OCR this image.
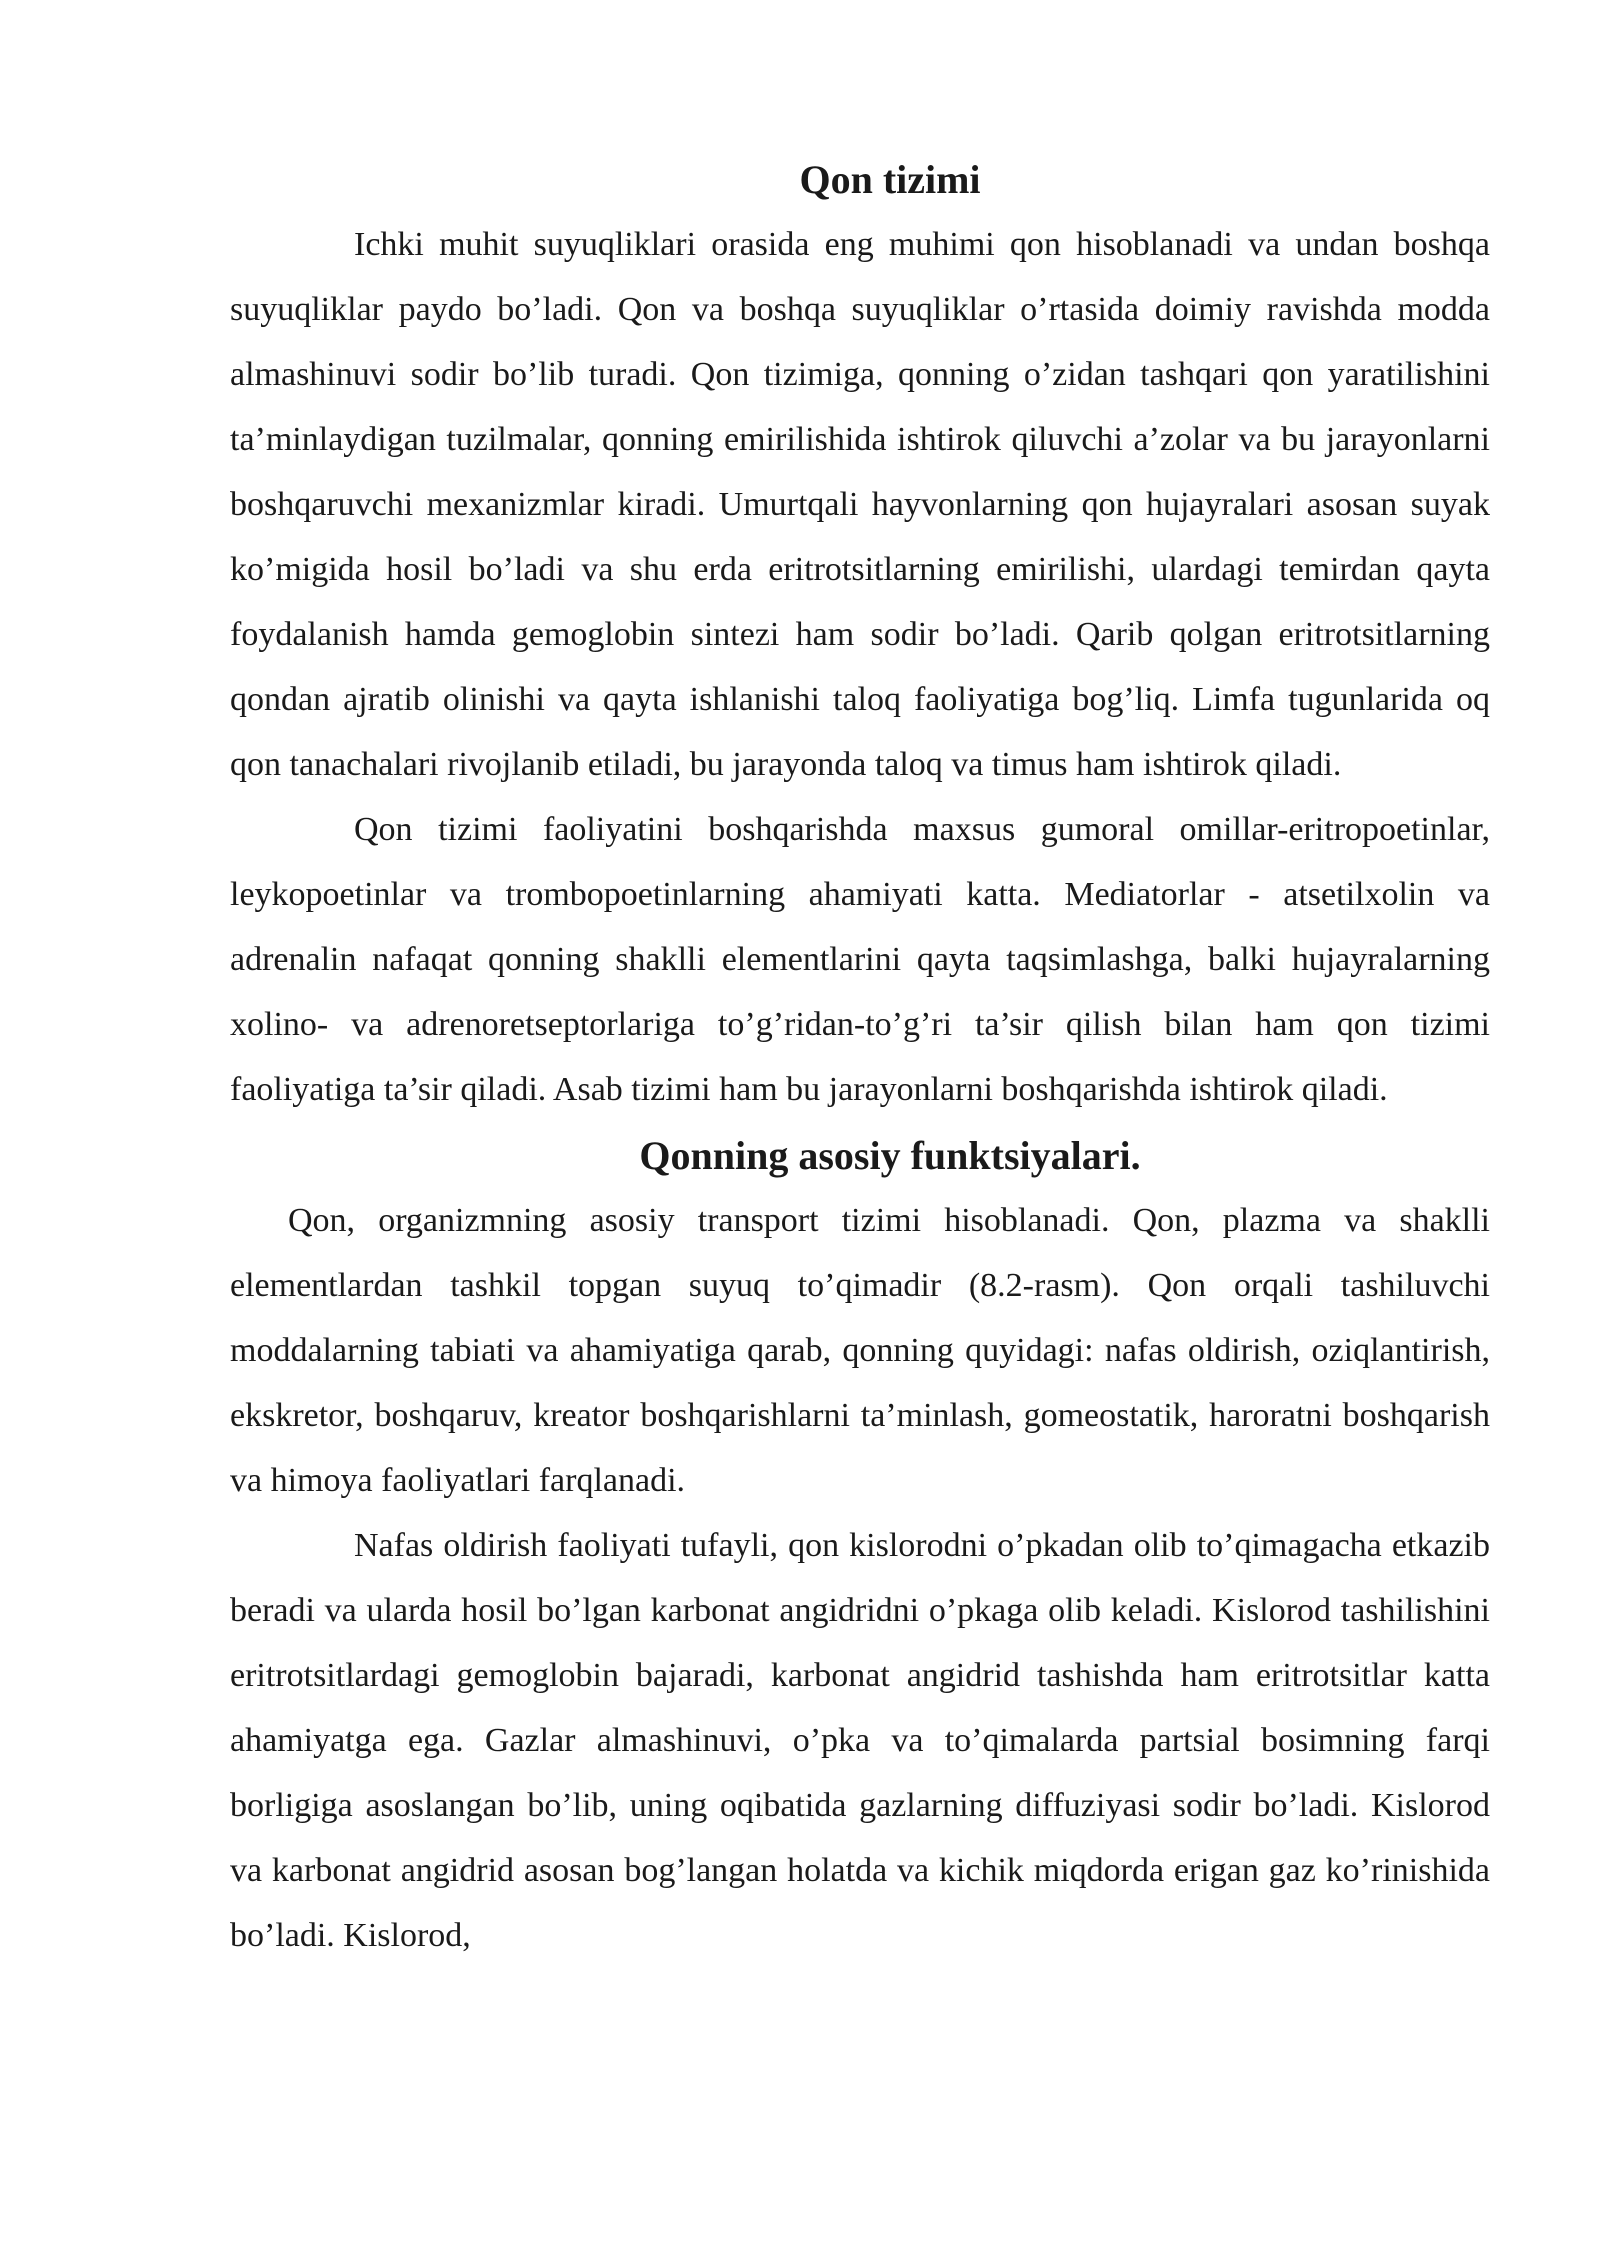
Qon tizimi

Ichki muhit suyuqliklari orasida eng muhimi qon hisoblanadi va undan boshqa suyuqliklar paydo bo’ladi. Qon va boshqa suyuqliklar o’rtasida doimiy ravishda modda almashinuvi sodir bo’lib turadi. Qon tizimiga, qonning o’zidan tashqari qon yaratilishini ta’minlaydigan tuzilmalar, qonning emirilishida ishtirok qiluvchi a’zolar va bu jarayonlarni boshqaruvchi mexanizmlar kiradi. Umurtqali hayvonlarning qon hujayralari asosan suyak ko’migida hosil bo’ladi va shu erda eritrotsitlarning emirilishi, ulardagi temirdan qayta foydalanish hamda gemoglobin sintezi ham sodir bo’ladi. Qarib qolgan eritrotsitlarning qondan ajratib olinishi va qayta ishlanishi taloq faoliyatiga bog’liq. Limfa tugunlarida oq qon tanachalari rivojlanib etiladi, bu jarayonda taloq va timus ham ishtirok qiladi.

Qon tizimi faoliyatini boshqarishda maxsus gumoral omillar-eritropoetinlar, leykopoetinlar va trombopoetinlarning ahamiyati katta. Mediatorlar - atsetilxolin va adrenalin nafaqat qonning shaklli elementlarini qayta taqsimlashga, balki hujayralarning xolino- va adrenoretseptorlariga to’g’ridan-to’g’ri ta’sir qilish bilan ham qon tizimi faoliyatiga ta’sir qiladi. Asab tizimi ham bu jarayonlarni boshqarishda ishtirok qiladi.

Qonning asosiy funktsiyalari.

Qon, organizmning asosiy transport tizimi hisoblanadi. Qon, plazma va shaklli elementlardan tashkil topgan suyuq to’qimadir (8.2-rasm). Qon orqali tashiluvchi moddalarning tabiati va ahamiyatiga qarab, qonning quyidagi: nafas oldirish, oziqlantirish, ekskretor, boshqaruv, kreator boshqarishlarni ta’minlash, gomeostatik, haroratni boshqarish va himoya faoliyatlari farqlanadi.

Nafas oldirish faoliyati tufayli, qon kislorodni o’pkadan olib to’qimagacha etkazib beradi va ularda hosil bo’lgan karbonat angidridni o’pkaga olib keladi. Kislorod tashilishini eritrotsitlardagi gemoglobin bajaradi, karbonat angidrid tashishda ham eritrotsitlar katta ahamiyatga ega. Gazlar almashinuvi, o’pka va to’qimalarda partsial bosimning farqi borligiga asoslangan bo’lib, uning oqibatida gazlarning diffuziyasi sodir bo’ladi. Kislorod va karbonat angidrid asosan bog’langan holatda va kichik miqdorda erigan gaz ko’rinishida bo’ladi. Kislorod,
